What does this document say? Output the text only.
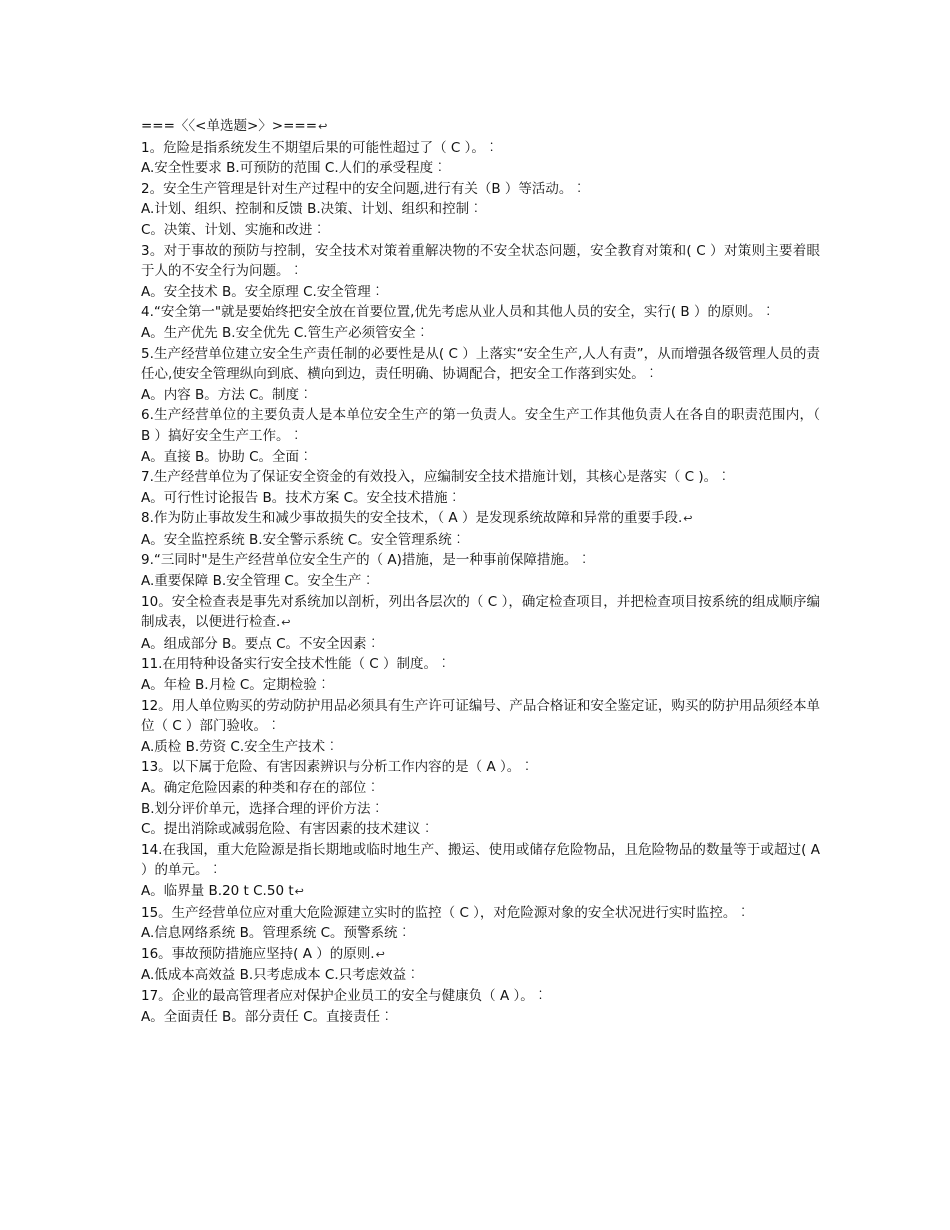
===〈〈<单选题>〉>===↩
1。危险是指系统发生不期望后果的可能性超过了（ C ）。︰
A.安全性要求 B.可预防的范围 C.人们的承受程度︰
2。安全生产管理是针对生产过程中的安全问题,进行有关（B ）等活动。︰
A.计划、组织、控制和反馈 B.决策、计划、组织和控制︰
C。决策、计划、实施和改进︰
3。对于事故的预防与控制，安全技术对策着重解决物的不安全状态问题，安全教育对策和( C ）对策则主要着眼于人的不安全行为问题。︰
A。安全技术 B。安全原理 C.安全管理︰
4.“安全第一"就是要始终把安全放在首要位置,优先考虑从业人员和其他人员的安全，实行( B ）的原则。︰
A。生产优先 B.安全优先 C.管生产必须管安全︰
5.生产经营单位建立安全生产责任制的必要性是从( C ）上落实“安全生产,人人有责”，从而增强各级管理人员的责任心,使安全管理纵向到底、横向到边，责任明确、协调配合，把安全工作落到实处。︰
A。内容 B。方法 C。制度︰
6.生产经营单位的主要负责人是本单位安全生产的第一负责人。安全生产工作其他负责人在各自的职责范围内，（ B ）搞好安全生产工作。︰
A。直接 B。协助 C。全面︰
7.生产经营单位为了保证安全资金的有效投入，应编制安全技术措施计划，其核心是落实（ C )。︰
A。可行性讨论报告 B。技术方案 C。安全技术措施︰
8.作为防止事故发生和减少事故损失的安全技术，（ A ）是发现系统故障和异常的重要手段.↩
A。安全监控系统 B.安全警示系统 C。安全管理系统︰
9.“三同时"是生产经营单位安全生产的（ A)措施，是一种事前保障措施。︰
A.重要保障 B.安全管理 C。安全生产︰
10。安全检查表是事先对系统加以剖析，列出各层次的（ C ），确定检查项目，并把检查项目按系统的组成顺序编制成表，以便进行检查.↩
A。组成部分 B。要点 C。不安全因素︰
11.在用特种设备实行安全技术性能（ C ）制度。︰
A。年检 B.月检 C。定期检验︰
12。用人单位购买的劳动防护用品必须具有生产许可证编号、产品合格证和安全鉴定证，购买的防护用品须经本单位（ C ）部门验收。︰
A.质检 B.劳资 C.安全生产技术︰
13。以下属于危险、有害因素辨识与分析工作内容的是（ A ）。︰
A。确定危险因素的种类和存在的部位︰
B.划分评价单元，选择合理的评价方法︰
C。提出消除或减弱危险、有害因素的技术建议︰
14.在我国，重大危险源是指长期地或临时地生产、搬运、使用或储存危险物品，且危险物品的数量等于或超过( A ）的单元。︰
A。临界量 B.20 t C.50 t↩
15。生产经营单位应对重大危险源建立实时的监控（ C ），对危险源对象的安全状况进行实时监控。︰
A.信息网络系统 B。管理系统 C。预警系统︰
16。事故预防措施应坚持( A ）的原则.↩
A.低成本高效益 B.只考虑成本 C.只考虑效益︰
17。企业的最高管理者应对保护企业员工的安全与健康负（ A ）。︰
A。全面责任 B。部分责任 C。直接责任︰
